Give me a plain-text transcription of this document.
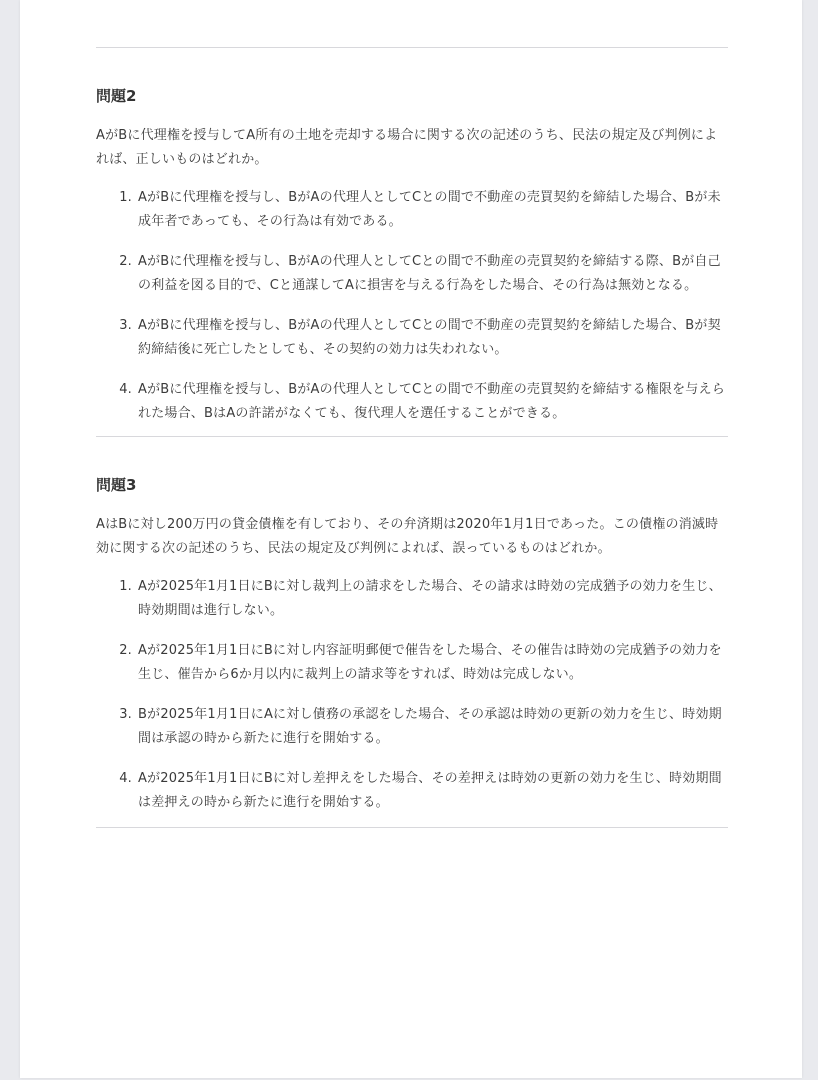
問題2

AがBに代理権を授与してA所有の土地を売却する場合に関する次の記述のうち、民法の規定及び判例によれば、正しいものはどれか。

1. AがBに代理権を授与し、BがAの代理人としてCとの間で不動産の売買契約を締結した場合、Bが未成年者であっても、その行為は有効である。
2. AがBに代理権を授与し、BがAの代理人としてCとの間で不動産の売買契約を締結する際、Bが自己の利益を図る目的で、Cと通謀してAに損害を与える行為をした場合、その行為は無効となる。
3. AがBに代理権を授与し、BがAの代理人としてCとの間で不動産の売買契約を締結した場合、Bが契約締結後に死亡したとしても、その契約の効力は失われない。
4. AがBに代理権を授与し、BがAの代理人としてCとの間で不動産の売買契約を締結する権限を与えられた場合、BはAの許諾がなくても、復代理人を選任することができる。
問題3

AはBに対し200万円の貸金債権を有しており、その弁済期は2020年1月1日であった。この債権の消滅時効に関する次の記述のうち、民法の規定及び判例によれば、誤っているものはどれか。

1. Aが2025年1月1日にBに対し裁判上の請求をした場合、その請求は時効の完成猶予の効力を生じ、時効期間は進行しない。
2. Aが2025年1月1日にBに対し内容証明郵便で催告をした場合、その催告は時効の完成猶予の効力を生じ、催告から6か月以内に裁判上の請求等をすれば、時効は完成しない。
3. Bが2025年1月1日にAに対し債務の承認をした場合、その承認は時効の更新の効力を生じ、時効期間は承認の時から新たに進行を開始する。
4. Aが2025年1月1日にBに対し差押えをした場合、その差押えは時効の更新の効力を生じ、時効期間は差押えの時から新たに進行を開始する。
